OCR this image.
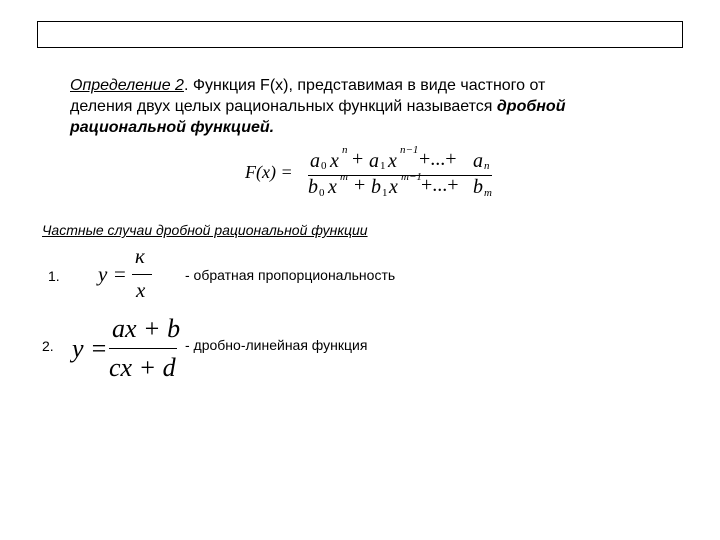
Определение 2. Функция F(x), представимая в виде частного от
деления двух целых рациональных функций называется дробной
рациональной функцией.
F(x) = a 0 x n + a 1 x n−1 +...+ a n
b 0 x m + b 1 x m−1 +...+ b m
Частные случаи дробной рациональной функции
1. y =
к
x
- обратная пропорциональность
2. y =
ax + b
cx + d
- дробно-линейная функция
